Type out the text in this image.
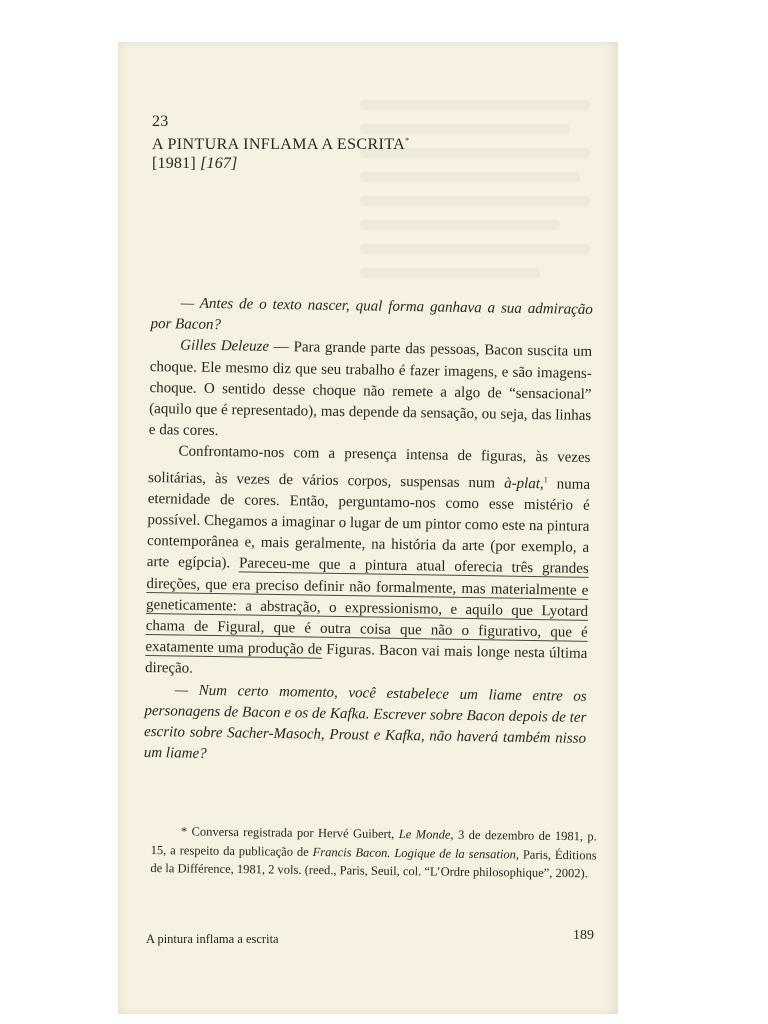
23
A PINTURA INFLAMA A ESCRITA*
[1981] [167]

— Antes de o texto nascer, qual forma ganhava a sua admiração por Bacon?

Gilles Deleuze — Para grande parte das pessoas, Bacon suscita um choque. Ele mesmo diz que seu trabalho é fazer imagens, e são imagens-choque. O sentido desse choque não remete a algo de “sensacional” (aquilo que é representado), mas depende da sensação, ou seja, das linhas e das cores.

Confrontamo-nos com a presença intensa de figuras, às vezes solitárias, às vezes de vários corpos, suspensas num à-plat,$^1$ numa eternidade de cores. Então, perguntamo-nos como esse mistério é possível. Chegamos a imaginar o lugar de um pintor como este na pintura contemporânea e, mais geralmente, na história da arte (por exemplo, a arte egípcia). Pareceu-me que a pintura atual oferecia três grandes direções, que era preciso definir não formalmente, mas materialmente e geneticamente: a abstração, o expressionismo, e aquilo que Lyotard chama de Figural, que é outra coisa que não o figurativo, que é exatamente uma produção de Figuras. Bacon vai mais longe nesta última direção.

— Num certo momento, você estabelece um liame entre os personagens de Bacon e os de Kafka. Escrever sobre Bacon depois de ter escrito sobre Sacher-Masoch, Proust e Kafka, não haverá também nisso um liame?

* Conversa registrada por Hervé Guibert, Le Monde, 3 de dezembro de 1981, p. 15, a respeito da publicação de Francis Bacon. Logique de la sensation, Paris, Éditions de la Différence, 1981, 2 vols. (reed., Paris, Seuil, col. “L’Ordre philosophique”, 2002).

A pintura inflama a escrita	189
